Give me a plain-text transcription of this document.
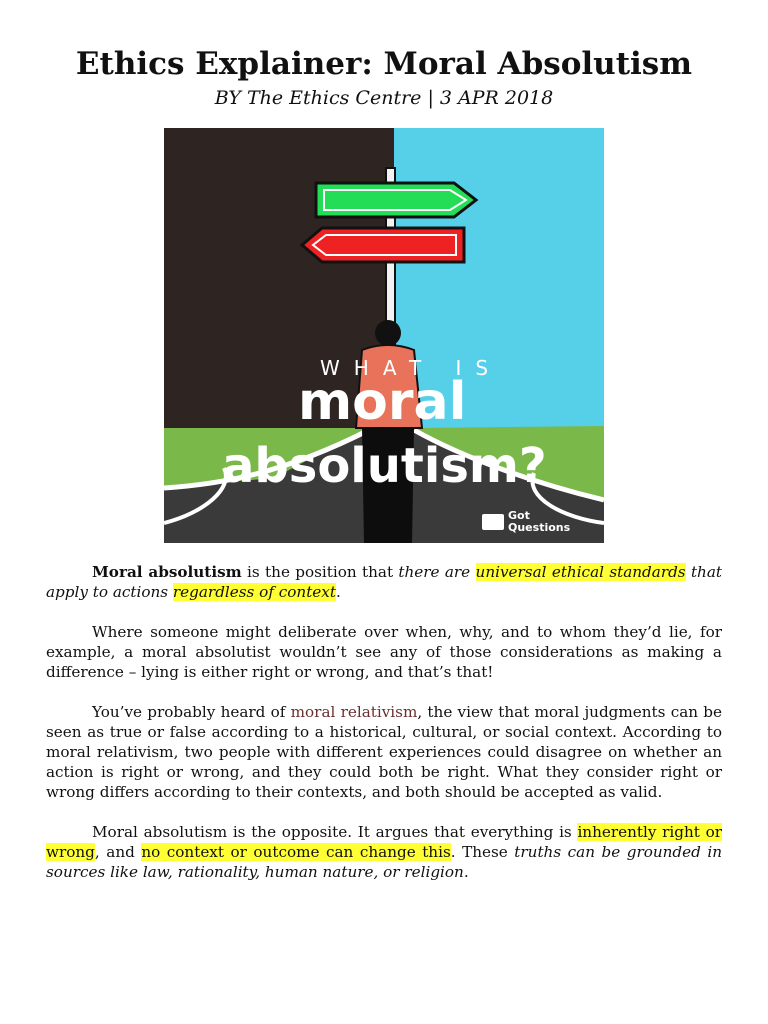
Ethics Explainer: Moral Absolutism
BY The Ethics Centre | 3 APR 2018
WHAT IS
moral
absolutism?
Got
Questions

Moral absolutism is the position that there are universal ethical standards that apply to actions regardless of context.

Where someone might deliberate over when, why, and to whom they’d lie, for example, a moral absolutist wouldn’t see any of those considerations as making a difference – lying is either right or wrong, and that’s that!

You’ve probably heard of moral relativism, the view that moral judgments can be seen as true or false according to a historical, cultural, or social context. According to moral relativism, two people with different experiences could disagree on whether an action is right or wrong, and they could both be right. What they consider right or wrong differs according to their contexts, and both should be accepted as valid.

Moral absolutism is the opposite. It argues that everything is inherently right or wrong, and no context or outcome can change this. These truths can be grounded in sources like law, rationality, human nature, or religion.
